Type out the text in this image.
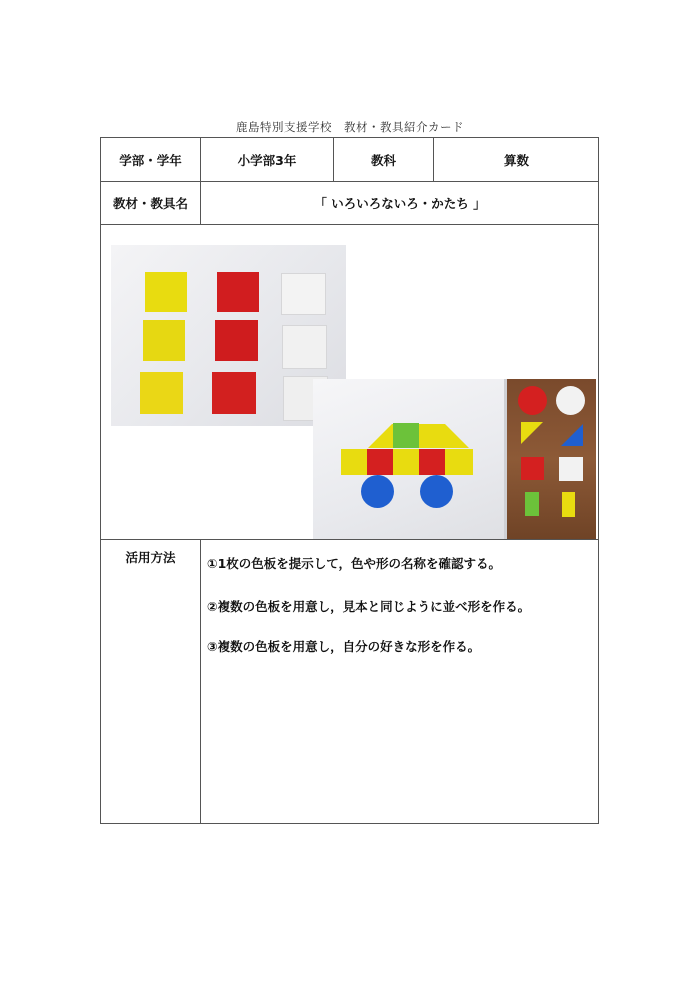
鹿島特別支援学校　教材・教具紹介カード
学部・学年	小学部3年	教科	算数
教材・教具名	「 いろいろないろ・かたち 」
活用方法	①1枚の色板を提示して，色や形の名称を確認する。
②複数の色板を用意し，見本と同じように並べ形を作る。
③複数の色板を用意し，自分の好きな形を作る。
